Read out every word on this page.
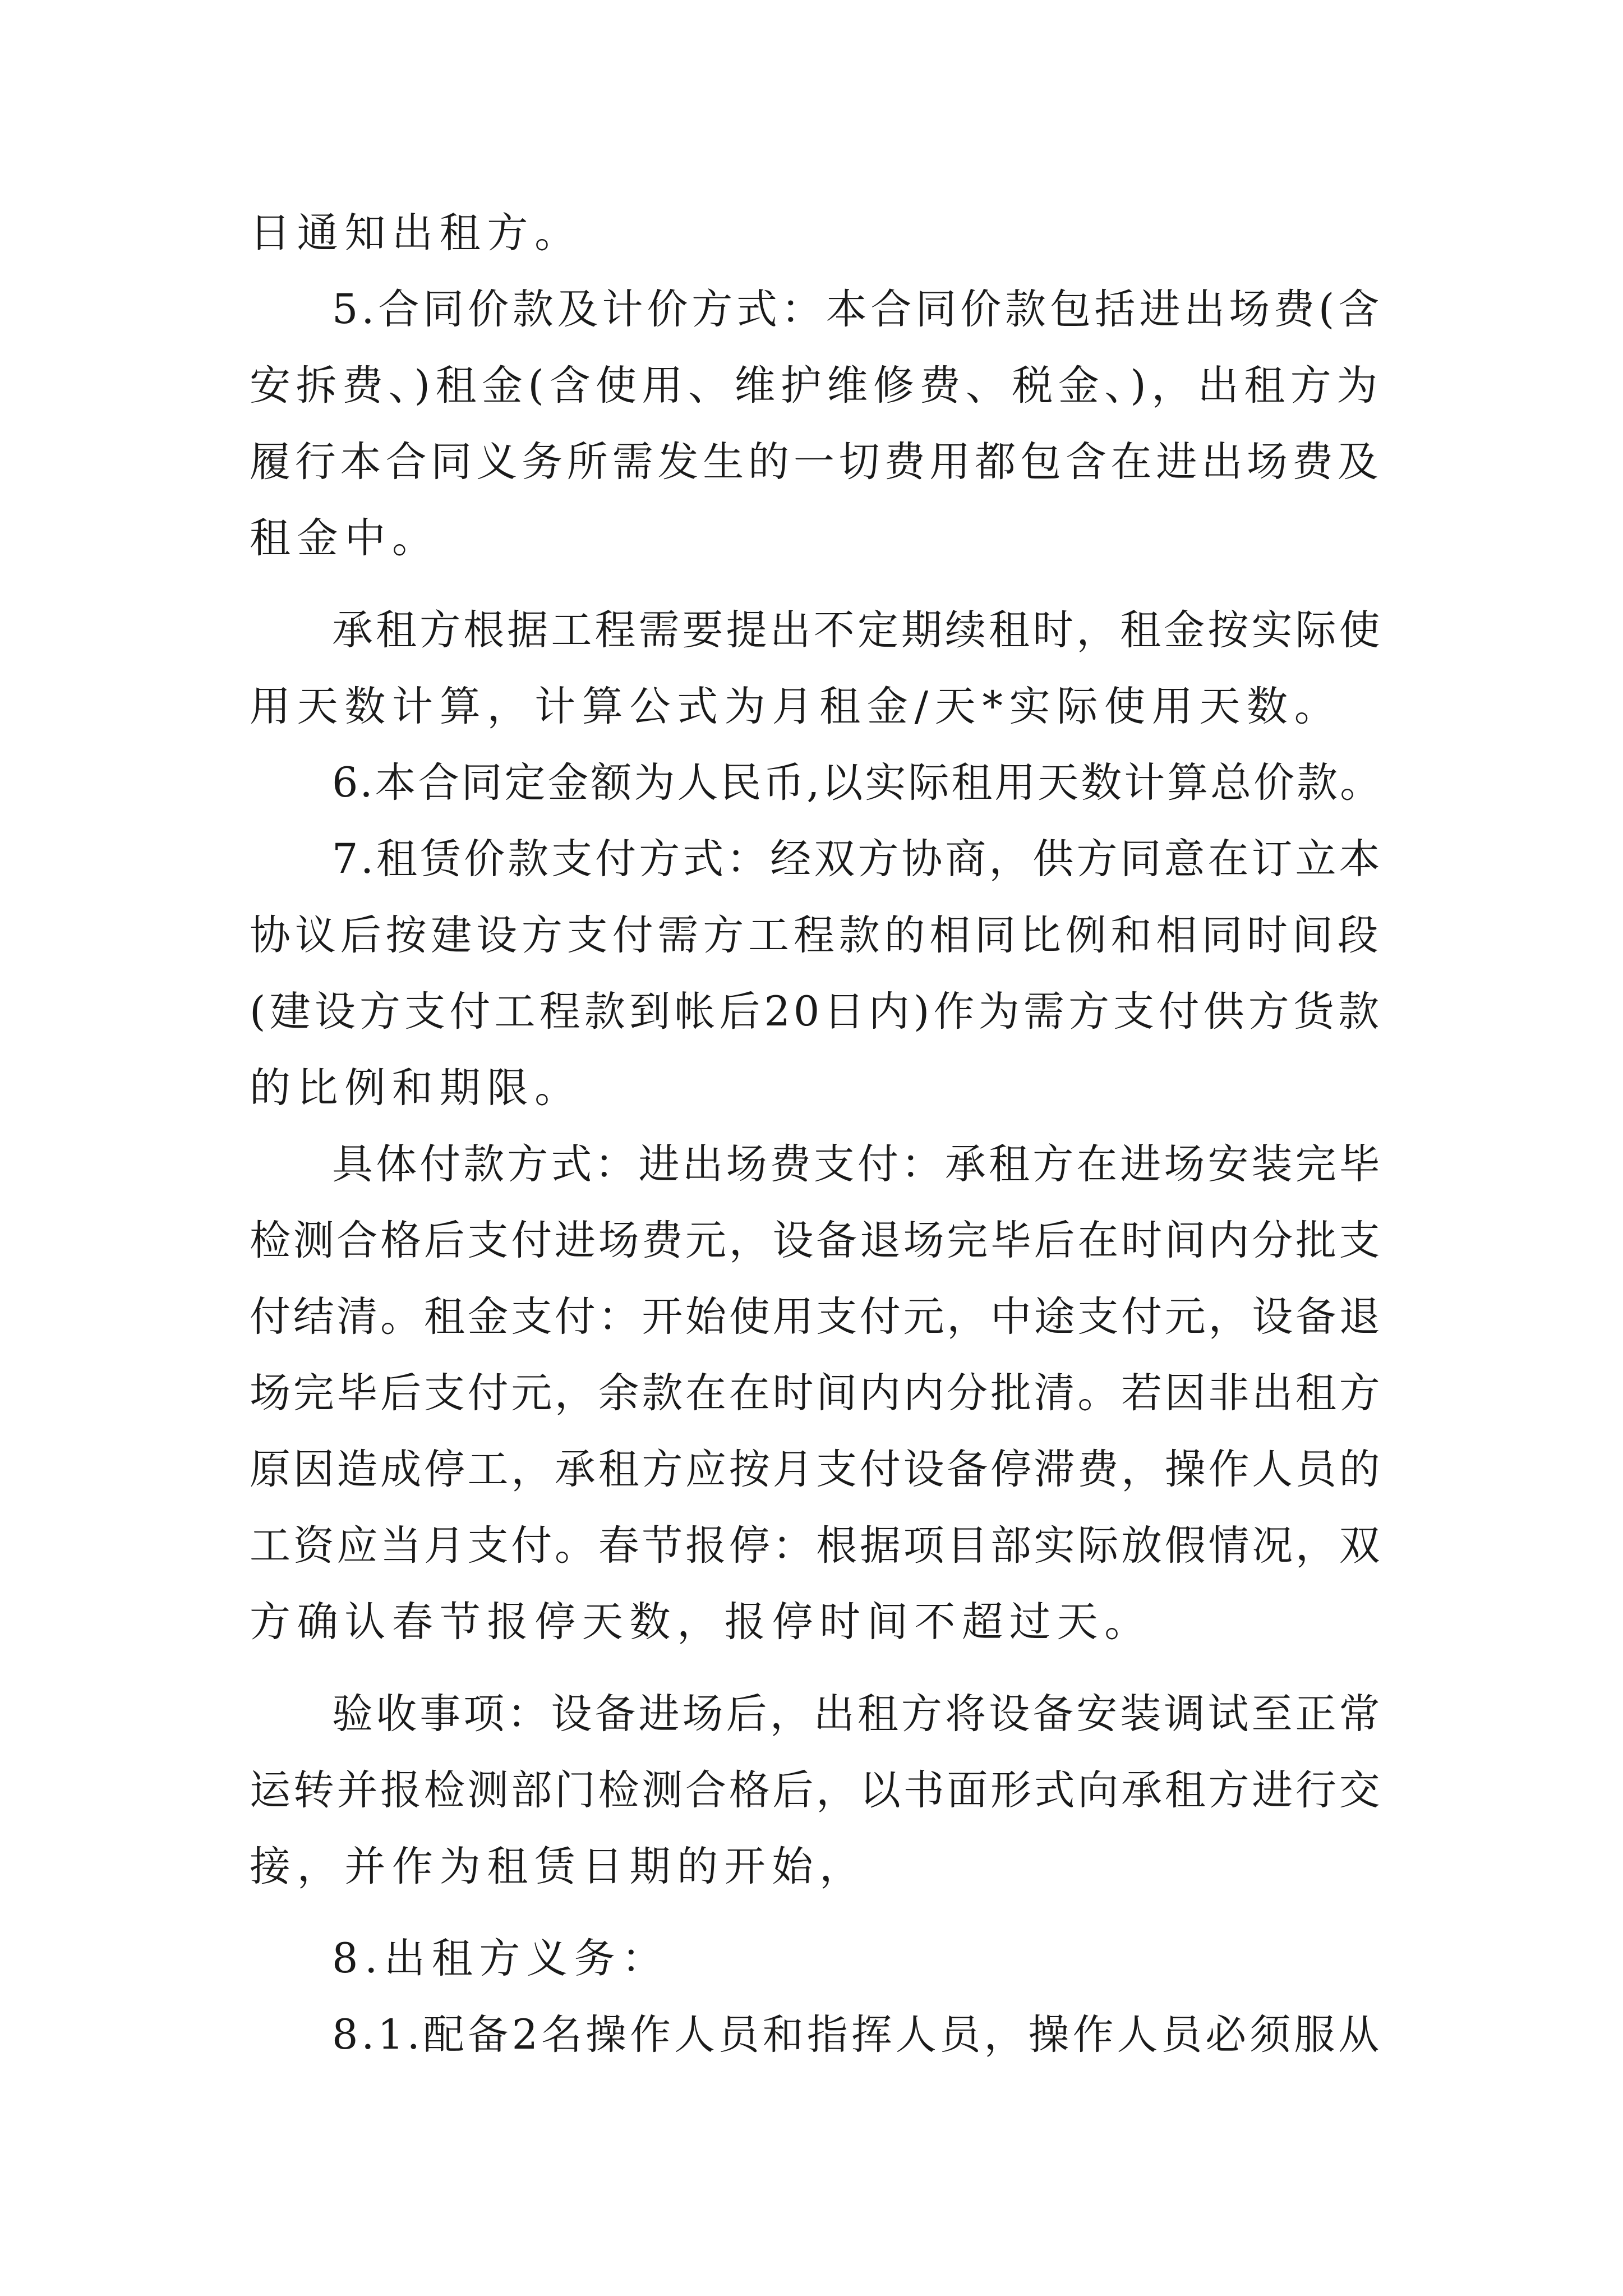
日通知出租方。
5.合同价款及计价方式：本合同价款包括进出场费(含
安拆费、)租金(含使用、维护维修费、税金、)，出租方为
履行本合同义务所需发生的一切费用都包含在进出场费及
租金中。
承租方根据工程需要提出不定期续租时，租金按实际使
用天数计算，计算公式为月租金/天*实际使用天数。
6.本合同定金额为人民币,以实际租用天数计算总价款。
7.租赁价款支付方式：经双方协商，供方同意在订立本
协议后按建设方支付需方工程款的相同比例和相同时间段
(建设方支付工程款到帐后20日内)作为需方支付供方货款
的比例和期限。
具体付款方式：进出场费支付：承租方在进场安装完毕
检测合格后支付进场费元，设备退场完毕后在时间内分批支
付结清。租金支付：开始使用支付元，中途支付元，设备退
场完毕后支付元，余款在在时间内内分批清。若因非出租方
原因造成停工，承租方应按月支付设备停滞费，操作人员的
工资应当月支付。春节报停：根据项目部实际放假情况，双
方确认春节报停天数，报停时间不超过天。
验收事项：设备进场后，出租方将设备安装调试至正常
运转并报检测部门检测合格后，以书面形式向承租方进行交
接，并作为租赁日期的开始，
8.出租方义务：
8.1.配备2名操作人员和指挥人员，操作人员必须服从
